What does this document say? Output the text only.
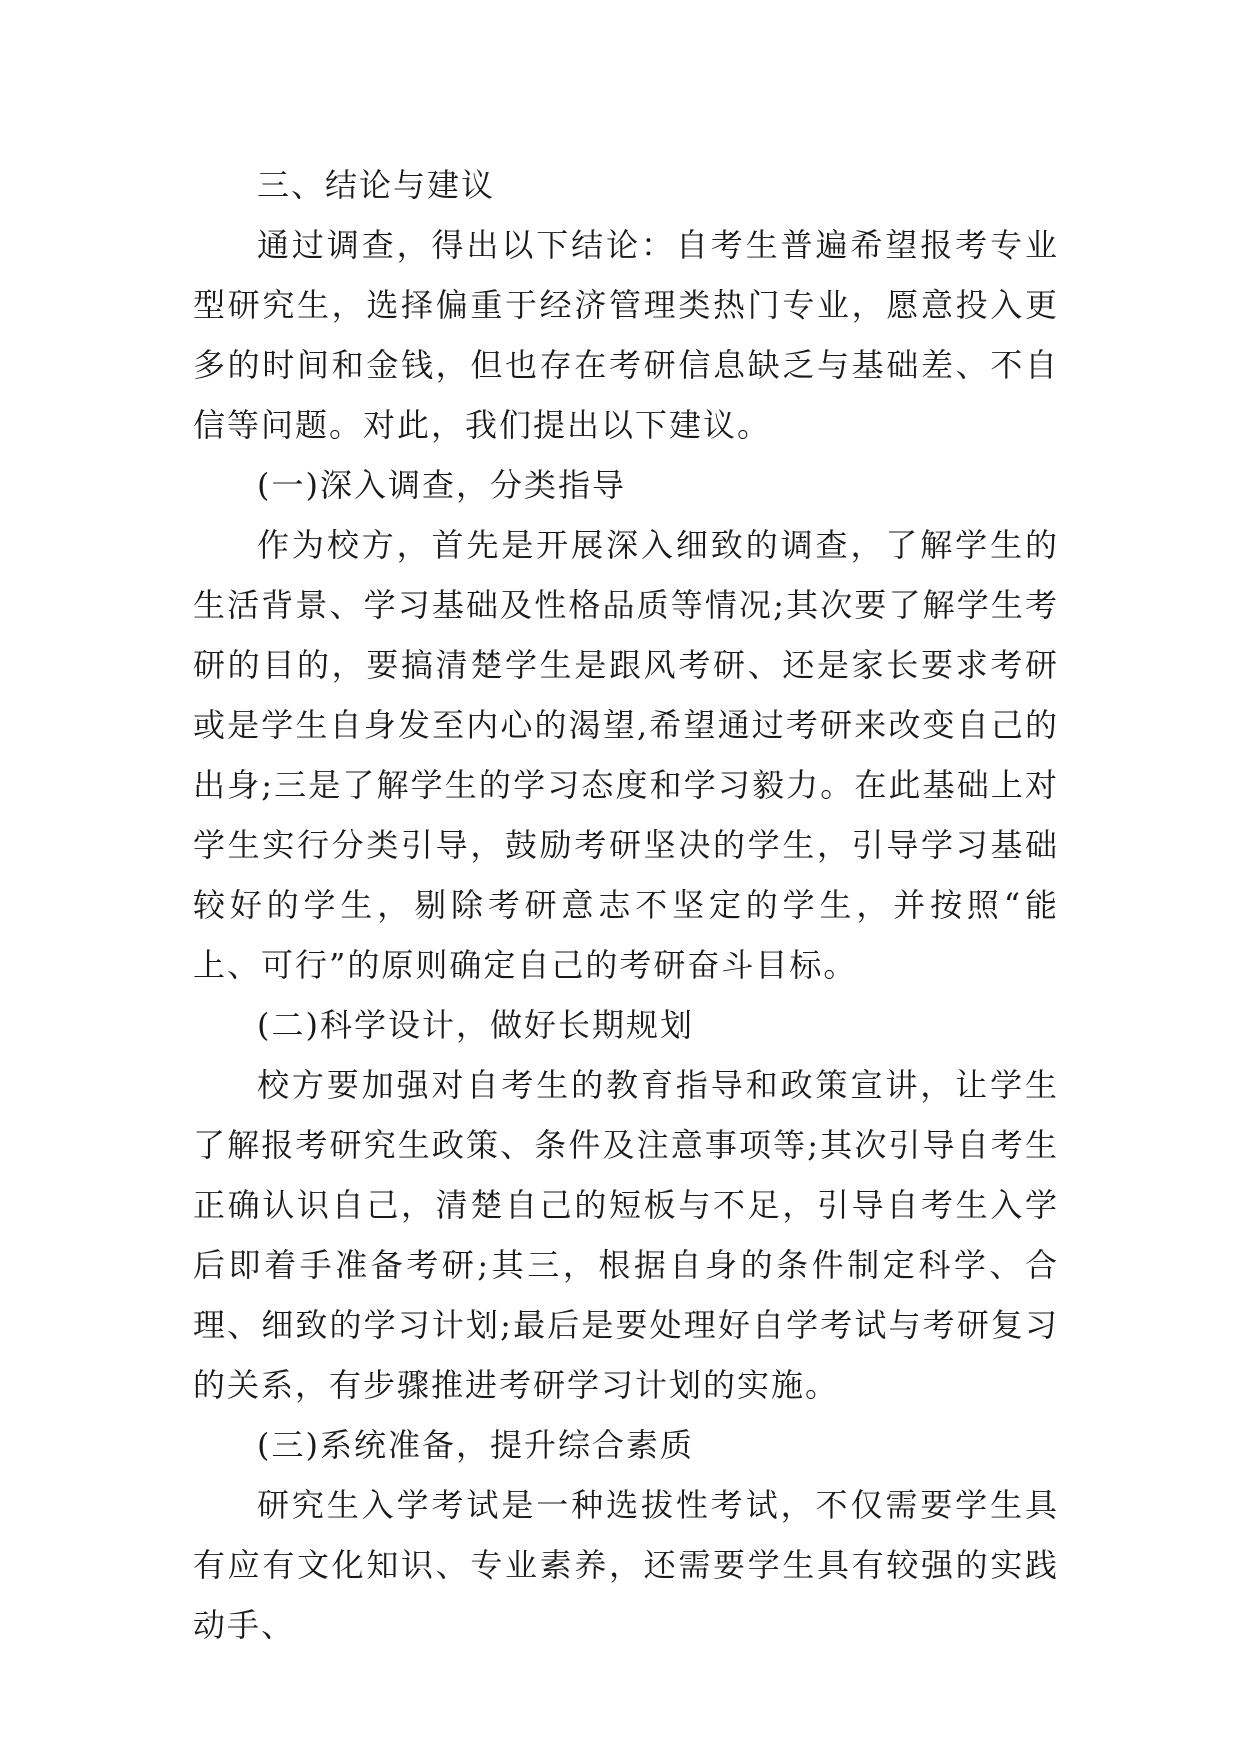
三、结论与建议

通过调查，得出以下结论：自考生普遍希望报考专业型研究生，选择偏重于经济管理类热门专业，愿意投入更多的时间和金钱，但也存在考研信息缺乏与基础差、不自信等问题。对此，我们提出以下建议。

(一)深入调查，分类指导

作为校方，首先是开展深入细致的调查，了解学生的生活背景、学习基础及性格品质等情况;其次要了解学生考研的目的，要搞清楚学生是跟风考研、还是家长要求考研或是学生自身发至内心的渴望,希望通过考研来改变自己的出身;三是了解学生的学习态度和学习毅力。在此基础上对学生实行分类引导，鼓励考研坚决的学生，引导学习基础较好的学生，剔除考研意志不坚定的学生，并按照“能上、可行”的原则确定自己的考研奋斗目标。

(二)科学设计，做好长期规划

校方要加强对自考生的教育指导和政策宣讲，让学生了解报考研究生政策、条件及注意事项等;其次引导自考生正确认识自己，清楚自己的短板与不足，引导自考生入学后即着手准备考研;其三，根据自身的条件制定科学、合理、细致的学习计划;最后是要处理好自学考试与考研复习的关系，有步骤推进考研学习计划的实施。

(三)系统准备，提升综合素质

研究生入学考试是一种选拔性考试，不仅需要学生具有应有文化知识、专业素养，还需要学生具有较强的实践动手、
